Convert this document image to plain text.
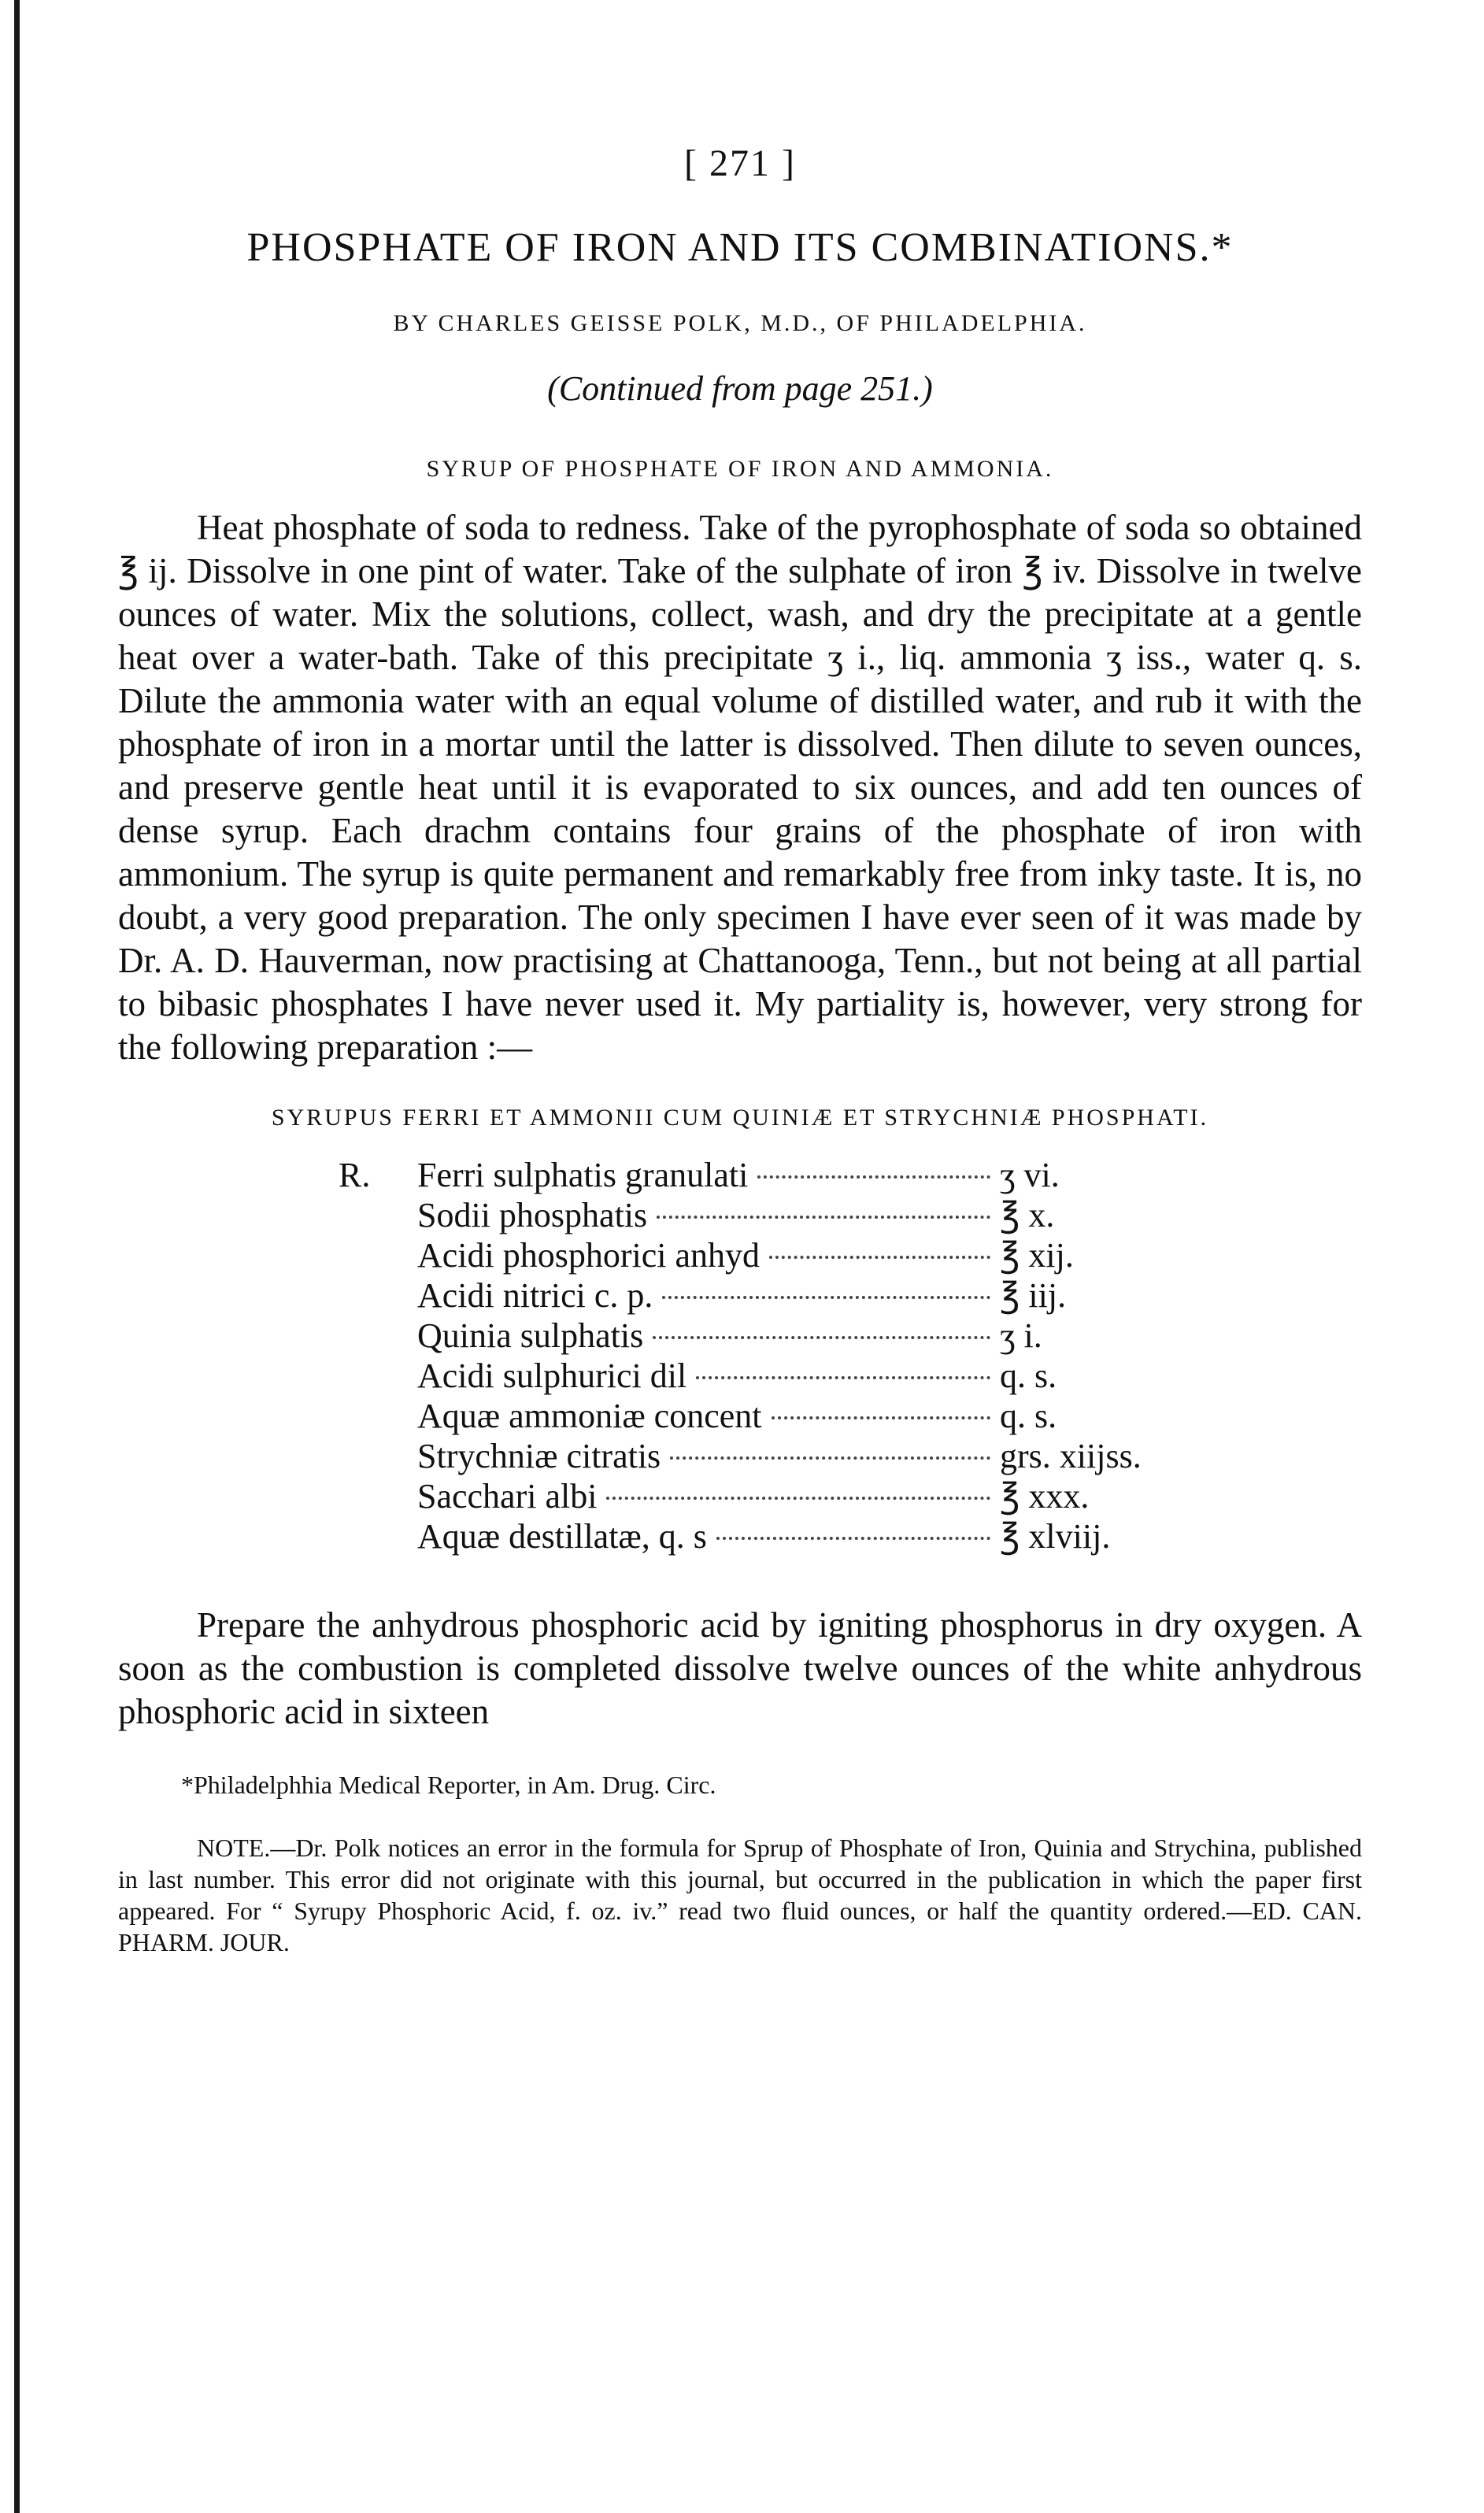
[ 271 ]
PHOSPHATE OF IRON AND ITS COMBINATIONS.*
BY CHARLES GEISSE POLK, M.D., OF PHILADELPHIA.
(Continued from page 251.)
SYRUP OF PHOSPHATE OF IRON AND AMMONIA.

Heat phosphate of soda to redness. Take of the pyrophosphate of soda so obtained ℥ ij. Dissolve in one pint of water. Take of the sulphate of iron ℥ iv. Dissolve in twelve ounces of water. Mix the solutions, collect, wash, and dry the precipitate at a gentle heat over a water-bath. Take of this precipitate ʒ i., liq. ammonia ʒ iss., water q. s. Dilute the ammonia water with an equal volume of distilled water, and rub it with the phosphate of iron in a mortar until the latter is dissolved. Then dilute to seven ounces, and preserve gentle heat until it is evaporated to six ounces, and add ten ounces of dense syrup. Each drachm contains four grains of the phosphate of iron with ammonium. The syrup is quite permanent and remarkably free from inky taste. It is, no doubt, a very good preparation. The only specimen I have ever seen of it was made by Dr. A. D. Hauverman, now practising at Chattanooga, Tenn., but not being at all partial to bibasic phosphates I have never used it. My partiality is, however, very strong for the following preparation :—

SYRUPUS FERRI ET AMMONII CUM QUINIÆ ET STRYCHNIÆ PHOSPHATI.
R. Ferri sulphatis granulati	ʒ vi.
Sodii phosphatis	℥ x.
Acidi phosphorici anhyd	℥ xij.
Acidi nitrici c. p.	℥ iij.
Quinia sulphatis	ʒ i.
Acidi sulphurici dil	q. s.
Aquæ ammoniæ concent	q. s.
Strychniæ citratis	grs. xiijss.
Sacchari albi	℥ xxx.
Aquæ destillatæ, q. s	℥ xlviij.

Prepare the anhydrous phosphoric acid by igniting phosphorus in dry oxygen. A soon as the combustion is completed dissolve twelve ounces of the white anhydrous phosphoric acid in sixteen

*Philadelphhia Medical Reporter, in Am. Drug. Circ.

NOTE.—Dr. Polk notices an error in the formula for Sprup of Phosphate of Iron, Quinia and Strychina, published in last number. This error did not originate with this journal, but occurred in the publication in which the paper first appeared. For “ Syrupy Phosphoric Acid, f. oz. iv.” read two fluid ounces, or half the quantity ordered.—ED. CAN. PHARM. JOUR.
